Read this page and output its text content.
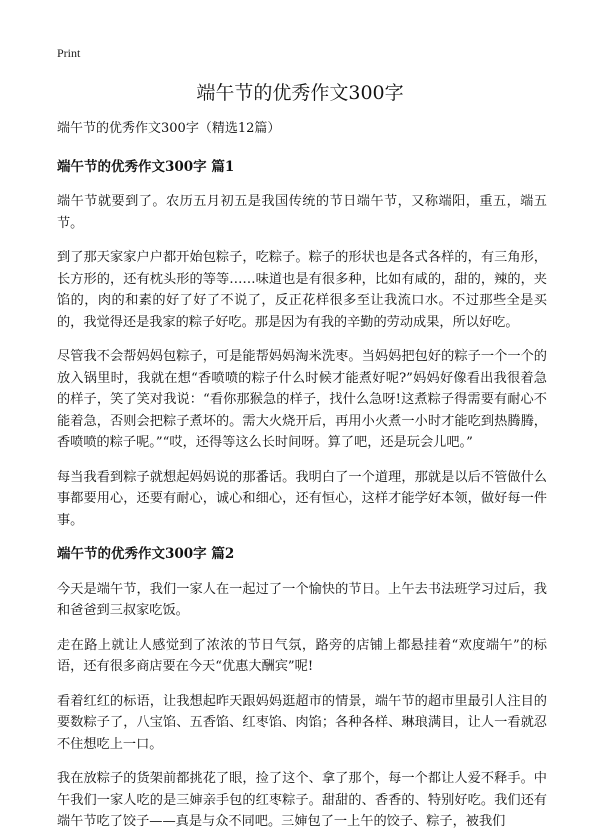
Print
端午节的优秀作文300字

端午节的优秀作文300字（精选12篇）

端午节的优秀作文300字 篇1

端午节就要到了。农历五月初五是我国传统的节日端午节，又称端阳，重五，端五节。

到了那天家家户户都开始包粽子，吃粽子。粽子的形状也是各式各样的，有三角形，长方形的，还有枕头形的等等……味道也是有很多种，比如有咸的，甜的，辣的，夹馅的，肉的和素的好了好了不说了，反正花样很多至让我流口水。不过那些全是买的，我觉得还是我家的粽子好吃。那是因为有我的辛勤的劳动成果，所以好吃。

尽管我不会帮妈妈包粽子，可是能帮妈妈淘米洗枣。当妈妈把包好的粽子一个一个的放入锅里时，我就在想“香喷喷的粽子什么时候才能煮好呢?”妈妈好像看出我很着急的样子，笑了笑对我说：“看你那猴急的样子，找什么急呀!这煮粽子得需要有耐心不能着急，否则会把粽子煮坏的。需大火烧开后，再用小火煮一小时才能吃到热腾腾，香喷喷的粽子呢。”“哎，还得等这么长时间呀。算了吧，还是玩会儿吧。”

每当我看到粽子就想起妈妈说的那番话。我明白了一个道理，那就是以后不管做什么事都要用心，还要有耐心，诚心和细心，还有恒心，这样才能学好本领，做好每一件事。

端午节的优秀作文300字 篇2

今天是端午节，我们一家人在一起过了一个愉快的节日。上午去书法班学习过后，我和爸爸到三叔家吃饭。

走在路上就让人感觉到了浓浓的节日气氛，路旁的店铺上都悬挂着“欢度端午”的标语，还有很多商店要在今天“优惠大酬宾”呢!

看着红红的标语，让我想起昨天跟妈妈逛超市的情景，端午节的超市里最引人注目的要数粽子了，八宝馅、五香馅、红枣馅、肉馅；各种各样、琳琅满目，让人一看就忍不住想吃上一口。

我在放粽子的货架前都挑花了眼，捡了这个、拿了那个，每一个都让人爱不释手。中午我们一家人吃的是三婶亲手包的红枣粽子。甜甜的、香香的、特别好吃。我们还有端午节吃了饺子——真是与众不同吧。三婶包了一上午的饺子、粽子，被我们
